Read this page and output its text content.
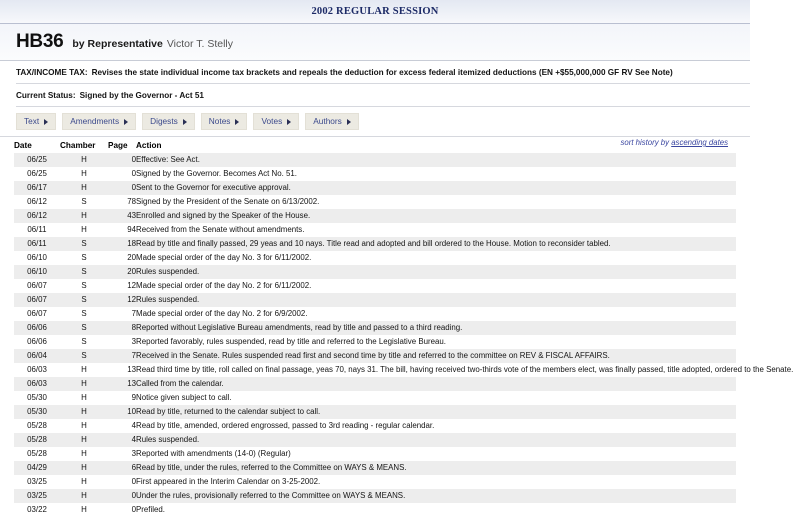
2002 REGULAR SESSION
HB36 by Representative Victor T. Stelly
TAX/INCOME TAX: Revises the state individual income tax brackets and repeals the deduction for excess federal itemized deductions (EN +$55,000,000 GF RV See Note)
Current Status: Signed by the Governor - Act 51
Text	Amendments	Digests	Notes	Votes	Authors
sort history by ascending dates
Date	Chamber	Page	Action
06/25	H	0	Effective: See Act.
06/25	H	0	Signed by the Governor. Becomes Act No. 51.
06/17	H	0	Sent to the Governor for executive approval.
06/12	S	78	Signed by the President of the Senate on 6/13/2002.
06/12	H	43	Enrolled and signed by the Speaker of the House.
06/11	H	94	Received from the Senate without amendments.
06/11	S	18	Read by title and finally passed, 29 yeas and 10 nays. Title read and adopted and bill ordered to the House. Motion to reconsider tabled.
06/10	S	20	Made special order of the day No. 3 for 6/11/2002.
06/10	S	20	Rules suspended.
06/07	S	12	Made special order of the day No. 2 for 6/11/2002.
06/07	S	12	Rules suspended.
06/07	S	7	Made special order of the day No. 2 for 6/9/2002.
06/06	S	8	Reported without Legislative Bureau amendments, read by title and passed to a third reading.
06/06	S	3	Reported favorably, rules suspended, read by title and referred to the Legislative Bureau.
06/04	S	7	Received in the Senate. Rules suspended read first and second time by title and referred to the committee on REV & FISCAL AFFAIRS.
06/03	H	13	Read third time by title, roll called on final passage, yeas 70, nays 31. The bill, having received two-thirds vote of the members elect, was finally passed, title adopted, ordered to the Senate.
06/03	H	13	Called from the calendar.
05/30	H	9	Notice given subject to call.
05/30	H	10	Read by title, returned to the calendar subject to call.
05/28	H	4	Read by title, amended, ordered engrossed, passed to 3rd reading - regular calendar.
05/28	H	4	Rules suspended.
05/28	H	3	Reported with amendments (14-0) (Regular)
04/29	H	6	Read by title, under the rules, referred to the Committee on WAYS & MEANS.
03/25	H	0	First appeared in the Interim Calendar on 3-25-2002.
03/25	H	0	Under the rules, provisionally referred to the Committee on WAYS & MEANS.
03/22	H	0	Prefiled.
